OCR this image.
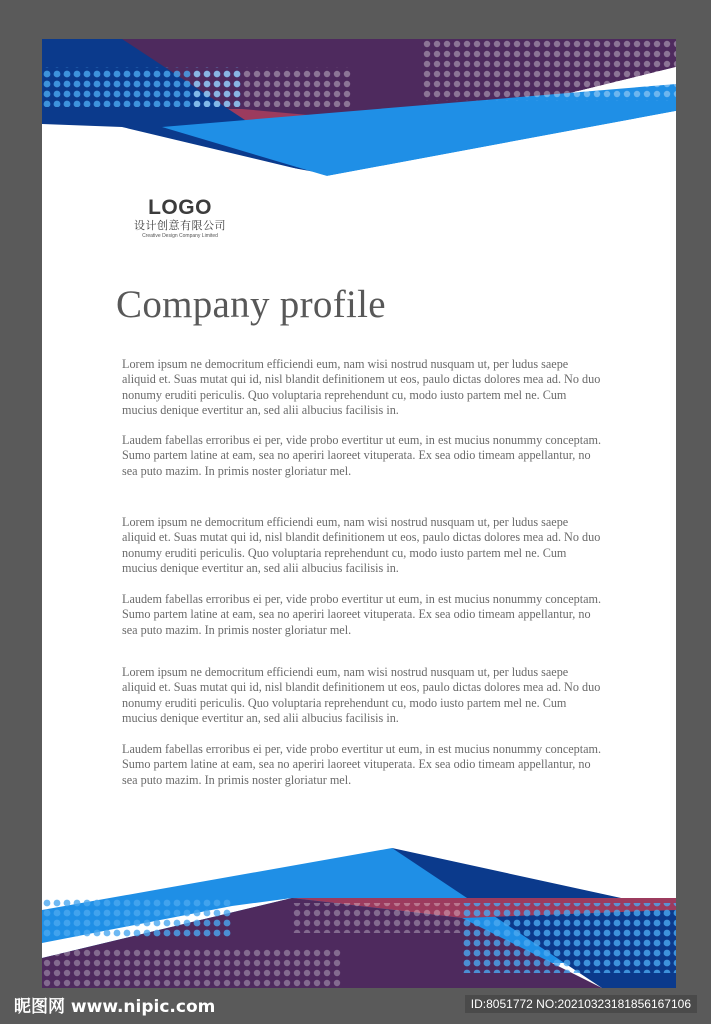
LOGO
设计创意有限公司
Creative Design Company Limited
Company profile

Lorem ipsum ne democritum efficiendi eum, nam wisi nostrud nusquam ut, per ludus saepe aliquid et. Suas mutat qui id, nisl blandit definitionem ut eos, paulo dictas dolores mea ad. No duo nonumy eruditi periculis. Quo voluptaria reprehendunt cu, modo iusto partem mel ne. Cum mucius denique evertitur an, sed alii albucius facilisis in.

Laudem fabellas erroribus ei per, vide probo evertitur ut eum, in est mucius nonummy conceptam. Sumo partem latine at eam, sea no aperiri laoreet vituperata. Ex sea odio timeam appellantur, no sea puto mazim. In primis noster gloriatur mel.

Lorem ipsum ne democritum efficiendi eum, nam wisi nostrud nusquam ut, per ludus saepe aliquid et. Suas mutat qui id, nisl blandit definitionem ut eos, paulo dictas dolores mea ad. No duo nonumy eruditi periculis. Quo voluptaria reprehendunt cu, modo iusto partem mel ne. Cum mucius denique evertitur an, sed alii albucius facilisis in.

Laudem fabellas erroribus ei per, vide probo evertitur ut eum, in est mucius nonummy conceptam. Sumo partem latine at eam, sea no aperiri laoreet vituperata. Ex sea odio timeam appellantur, no sea puto mazim. In primis noster gloriatur mel.

Lorem ipsum ne democritum efficiendi eum, nam wisi nostrud nusquam ut, per ludus saepe aliquid et. Suas mutat qui id, nisl blandit definitionem ut eos, paulo dictas dolores mea ad. No duo nonumy eruditi periculis. Quo voluptaria reprehendunt cu, modo iusto partem mel ne. Cum mucius denique evertitur an, sed alii albucius facilisis in.

Laudem fabellas erroribus ei per, vide probo evertitur ut eum, in est mucius nonummy conceptam. Sumo partem latine at eam, sea no aperiri laoreet vituperata. Ex sea odio timeam appellantur, no sea puto mazim. In primis noster gloriatur mel.

昵图网 www.nipic.com	ID:8051772 NO:20210323181856167106
